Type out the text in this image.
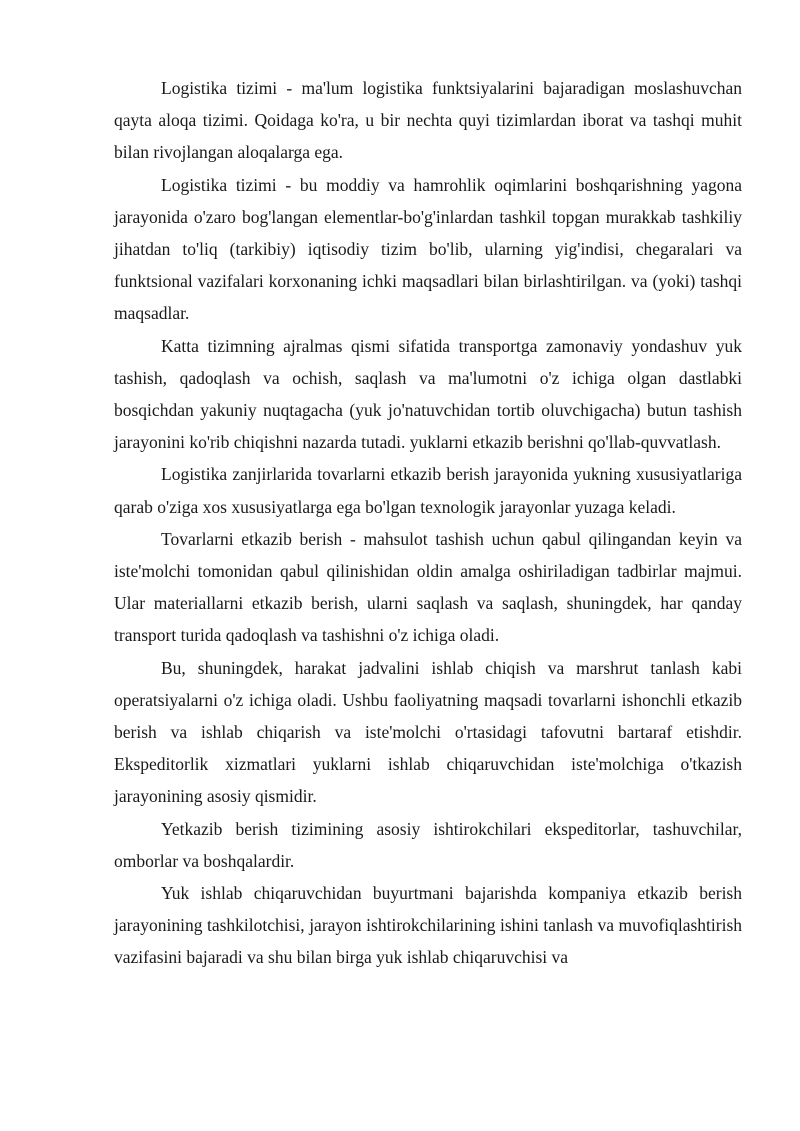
Logistika tizimi - ma'lum logistika funktsiyalarini bajaradigan moslashuvchan qayta aloqa tizimi. Qoidaga ko'ra, u bir nechta quyi tizimlardan iborat va tashqi muhit bilan rivojlangan aloqalarga ega.

Logistika tizimi - bu moddiy va hamrohlik oqimlarini boshqarishning yagona jarayonida o'zaro bog'langan elementlar-bo'g'inlardan tashkil topgan murakkab tashkiliy jihatdan to'liq (tarkibiy) iqtisodiy tizim bo'lib, ularning yig'indisi, chegaralari va funktsional vazifalari korxonaning ichki maqsadlari bilan birlashtirilgan. va (yoki) tashqi maqsadlar.

Katta tizimning ajralmas qismi sifatida transportga zamonaviy yondashuv yuk tashish, qadoqlash va ochish, saqlash va ma'lumotni o'z ichiga olgan dastlabki bosqichdan yakuniy nuqtagacha (yuk jo'natuvchidan tortib oluvchigacha) butun tashish jarayonini ko'rib chiqishni nazarda tutadi. yuklarni etkazib berishni qo'llab-quvvatlash.

Logistika zanjirlarida tovarlarni etkazib berish jarayonida yukning xususiyatlariga qarab o'ziga xos xususiyatlarga ega bo'lgan texnologik jarayonlar yuzaga keladi.

Tovarlarni etkazib berish - mahsulot tashish uchun qabul qilingandan keyin va iste'molchi tomonidan qabul qilinishidan oldin amalga oshiriladigan tadbirlar majmui. Ular materiallarni etkazib berish, ularni saqlash va saqlash, shuningdek, har qanday transport turida qadoqlash va tashishni o'z ichiga oladi.

Bu, shuningdek, harakat jadvalini ishlab chiqish va marshrut tanlash kabi operatsiyalarni o'z ichiga oladi. Ushbu faoliyatning maqsadi tovarlarni ishonchli etkazib berish va ishlab chiqarish va iste'molchi o'rtasidagi tafovutni bartaraf etishdir. Ekspeditorlik xizmatlari yuklarni ishlab chiqaruvchidan iste'molchiga o'tkazish jarayonining asosiy qismidir.

Yetkazib berish tizimining asosiy ishtirokchilari ekspeditorlar, tashuvchilar, omborlar va boshqalardir.

Yuk ishlab chiqaruvchidan buyurtmani bajarishda kompaniya etkazib berish jarayonining tashkilotchisi, jarayon ishtirokchilarining ishini tanlash va muvofiqlashtirish vazifasini bajaradi va shu bilan birga yuk ishlab chiqaruvchisi va
